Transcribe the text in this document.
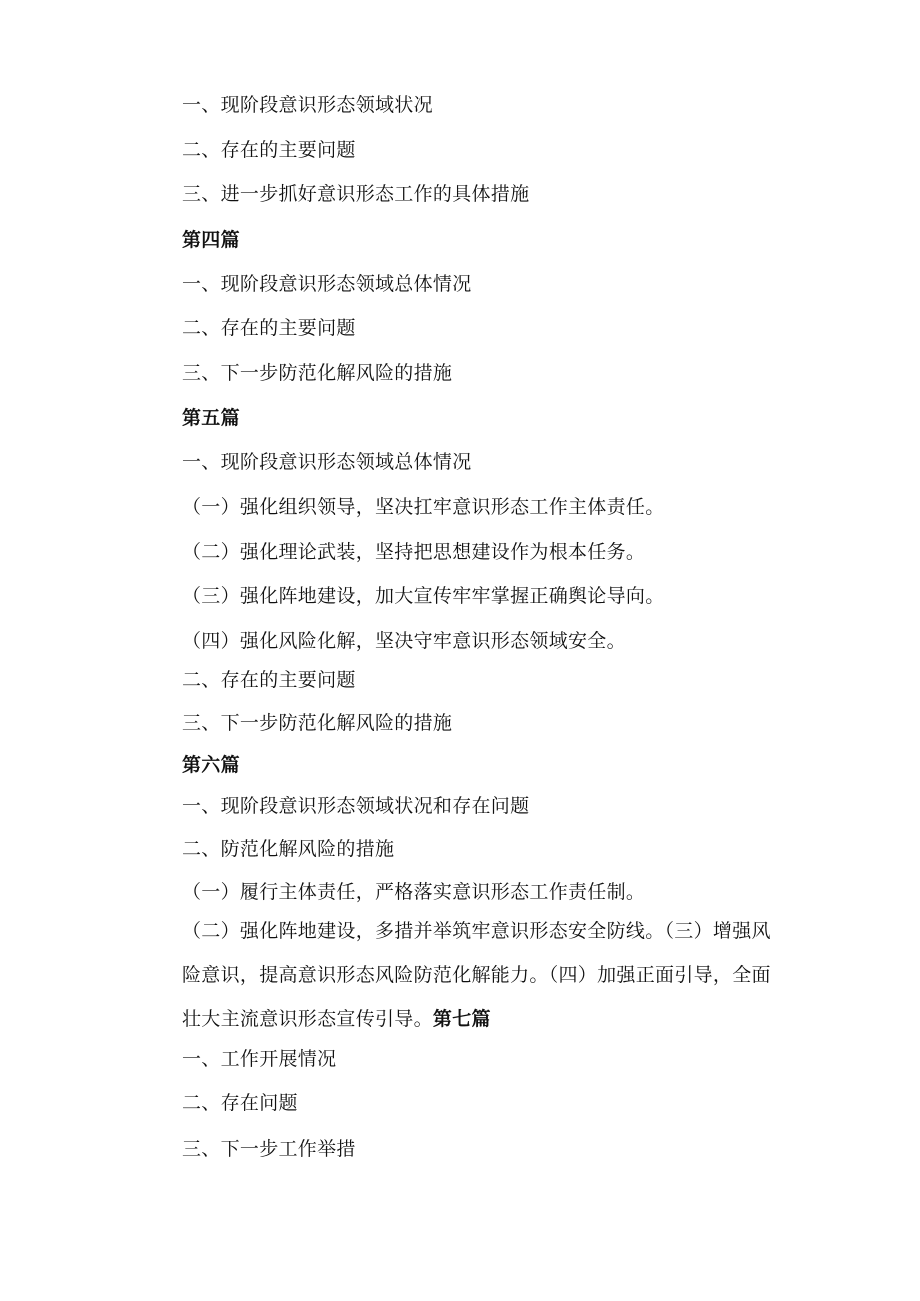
一、现阶段意识形态领域状况
二、存在的主要问题
三、进一步抓好意识形态工作的具体措施
第四篇
一、现阶段意识形态领域总体情况
二、存在的主要问题
三、下一步防范化解风险的措施
第五篇
一、现阶段意识形态领域总体情况
（一）强化组织领导，坚决扛牢意识形态工作主体责任。
（二）强化理论武装，坚持把思想建设作为根本任务。
（三）强化阵地建设，加大宣传牢牢掌握正确舆论导向。
（四）强化风险化解，坚决守牢意识形态领域安全。
二、存在的主要问题
三、下一步防范化解风险的措施
第六篇
一、现阶段意识形态领域状况和存在问题
二、防范化解风险的措施
（一）履行主体责任，严格落实意识形态工作责任制。
（二）强化阵地建设，多措并举筑牢意识形态安全防线。（三）增强风险意识，提高意识形态风险防范化解能力。（四）加强正面引导，全面壮大主流意识形态宣传引导。第七篇
一、工作开展情况
二、存在问题
三、下一步工作举措
